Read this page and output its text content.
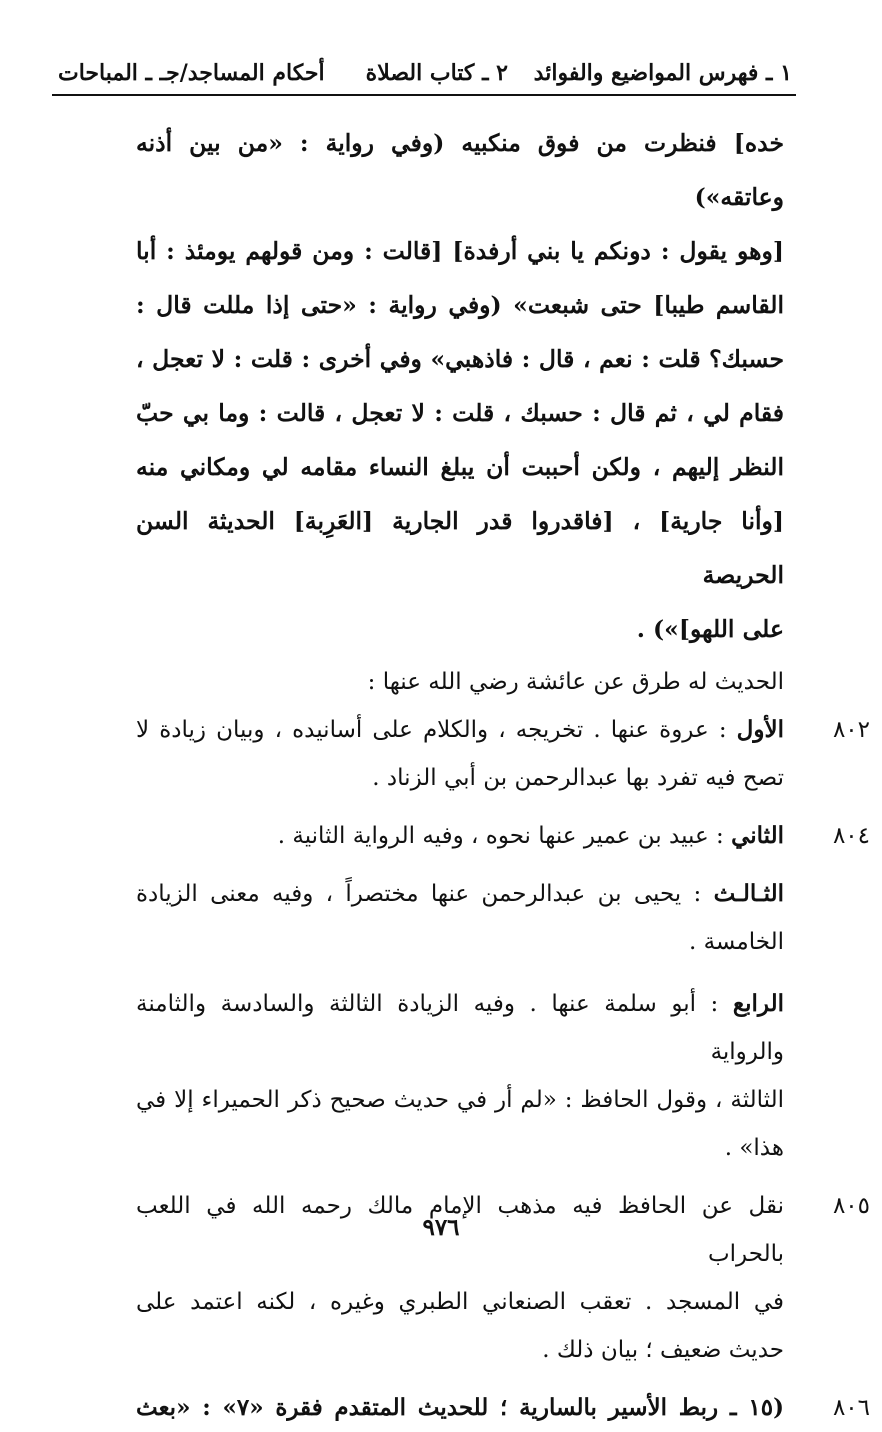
١ ـ فهرس المواضيع والفوائد
٢ ـ كتاب الصلاة
أحكام المساجد/جـ ـ المباحات

خده] فنظرت من فوق منكبيه (وفي رواية : «من بين أذنه وعاتقه»)

[وهو يقول : دونكم يا بني أرفدة] [قالت : ومن قولهم يومئذ : أبا

القاسم طيبا] حتى شبعت» (وفي رواية : «حتى إذا مللت قال :

حسبك؟ قلت : نعم ، قال : فاذهبي» وفي أخرى : قلت : لا تعجل ،

فقام لي ، ثم قال : حسبك ، قلت : لا تعجل ، قالت : وما بي حبّ

النظر إليهم ، ولكن أحببت أن يبلغ النساء مقامه لي ومكاني منه

[وأنا جارية] ، [فاقدروا قدر الجارية [العَرِبة] الحديثة السن الحريصة

على اللهو]») .

الحديث له طرق عن عائشة رضي الله عنها :

٨٠٢

الأول : عروة عنها . تخريجه ، والكلام على أسانيده ، وبيان زيادة لا

تصح فيه تفرد بها عبدالرحمن بن أبي الزناد .

٨٠٤

الثاني : عبيد بن عمير عنها نحوه ، وفيه الرواية الثانية .

الثـالـث : يحيى بن عبدالرحمن عنها مختصراً ، وفيه معنى الزيادة

الخامسة .

الرابع : أبو سلمة عنها . وفيه الزيادة الثالثة والسادسة والثامنة والرواية

الثالثة ، وقول الحافظ : «لم أر في حديث صحيح ذكر الحميراء إلا في

هذا» .

٨٠٥

نقل عن الحافظ فيه مذهب الإمام مالك رحمه الله في اللعب بالحراب

في المسجد . تعقب الصنعاني الطبري وغيره ، لكنه اعتمد على

حديث ضعيف ؛ بيان ذلك .

٨٠٦

(١٥ ـ ربط الأسير بالسارية ؛ للحديث المتقدم فقرة «٧» : «بعث

٩٧٦
